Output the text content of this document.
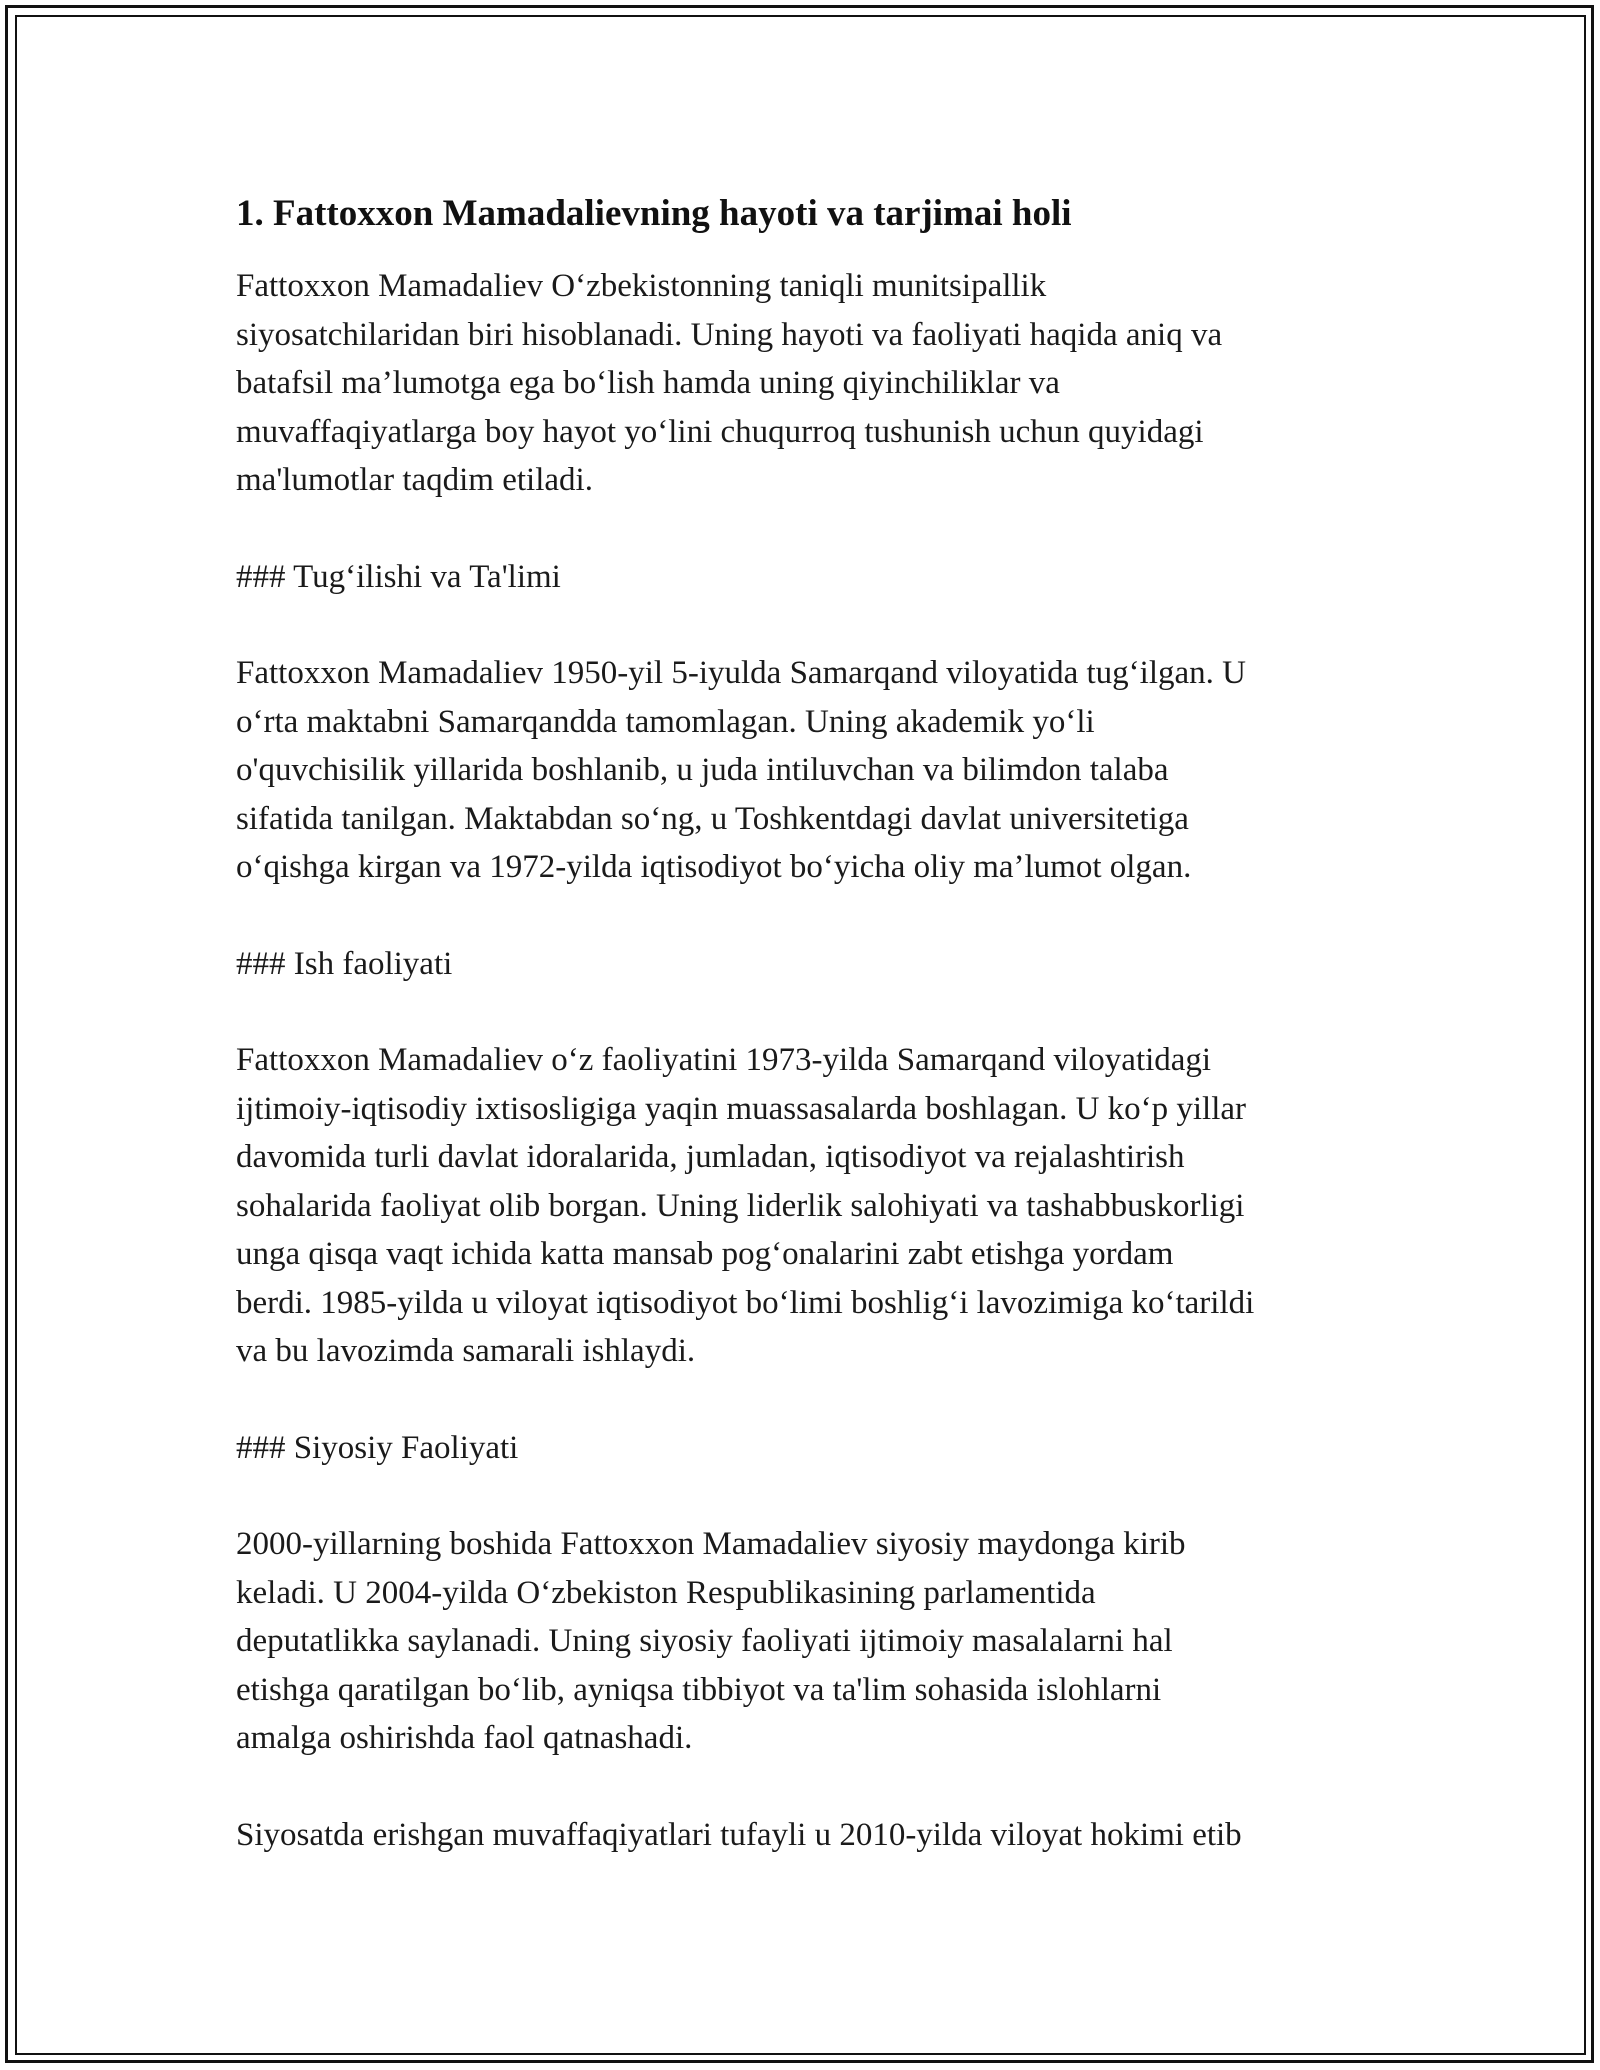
1. Fattoxxon Mamadalievning hayoti va tarjimai holi
Fattoxxon Mamadaliev O‘zbekistonning taniqli munitsipallik
siyosatchilaridan biri hisoblanadi. Uning hayoti va faoliyati haqida aniq va
batafsil ma’lumotga ega bo‘lish hamda uning qiyinchiliklar va
muvaffaqiyatlarga boy hayot yo‘lini chuqurroq tushunish uchun quyidagi
ma'lumotlar taqdim etiladi.
### Tug‘ilishi va Ta'limi
Fattoxxon Mamadaliev 1950-yil 5-iyulda Samarqand viloyatida tug‘ilgan. U
o‘rta maktabni Samarqandda tamomlagan. Uning akademik yo‘li
o'quvchisilik yillarida boshlanib, u juda intiluvchan va bilimdon talaba
sifatida tanilgan. Maktabdan so‘ng, u Toshkentdagi davlat universitetiga
o‘qishga kirgan va 1972-yilda iqtisodiyot bo‘yicha oliy ma’lumot olgan.
### Ish faoliyati
Fattoxxon Mamadaliev o‘z faoliyatini 1973-yilda Samarqand viloyatidagi
ijtimoiy-iqtisodiy ixtisosligiga yaqin muassasalarda boshlagan. U ko‘p yillar
davomida turli davlat idoralarida, jumladan, iqtisodiyot va rejalashtirish
sohalarida faoliyat olib borgan. Uning liderlik salohiyati va tashabbuskorligi
unga qisqa vaqt ichida katta mansab pog‘onalarini zabt etishga yordam
berdi. 1985-yilda u viloyat iqtisodiyot bo‘limi boshlig‘i lavozimiga ko‘tarildi
va bu lavozimda samarali ishlaydi.
### Siyosiy Faoliyati
2000-yillarning boshida Fattoxxon Mamadaliev siyosiy maydonga kirib
keladi. U 2004-yilda O‘zbekiston Respublikasining parlamentida
deputatlikka saylanadi. Uning siyosiy faoliyati ijtimoiy masalalarni hal
etishga qaratilgan bo‘lib, ayniqsa tibbiyot va ta'lim sohasida islohlarni
amalga oshirishda faol qatnashadi.
Siyosatda erishgan muvaffaqiyatlari tufayli u 2010-yilda viloyat hokimi etib
